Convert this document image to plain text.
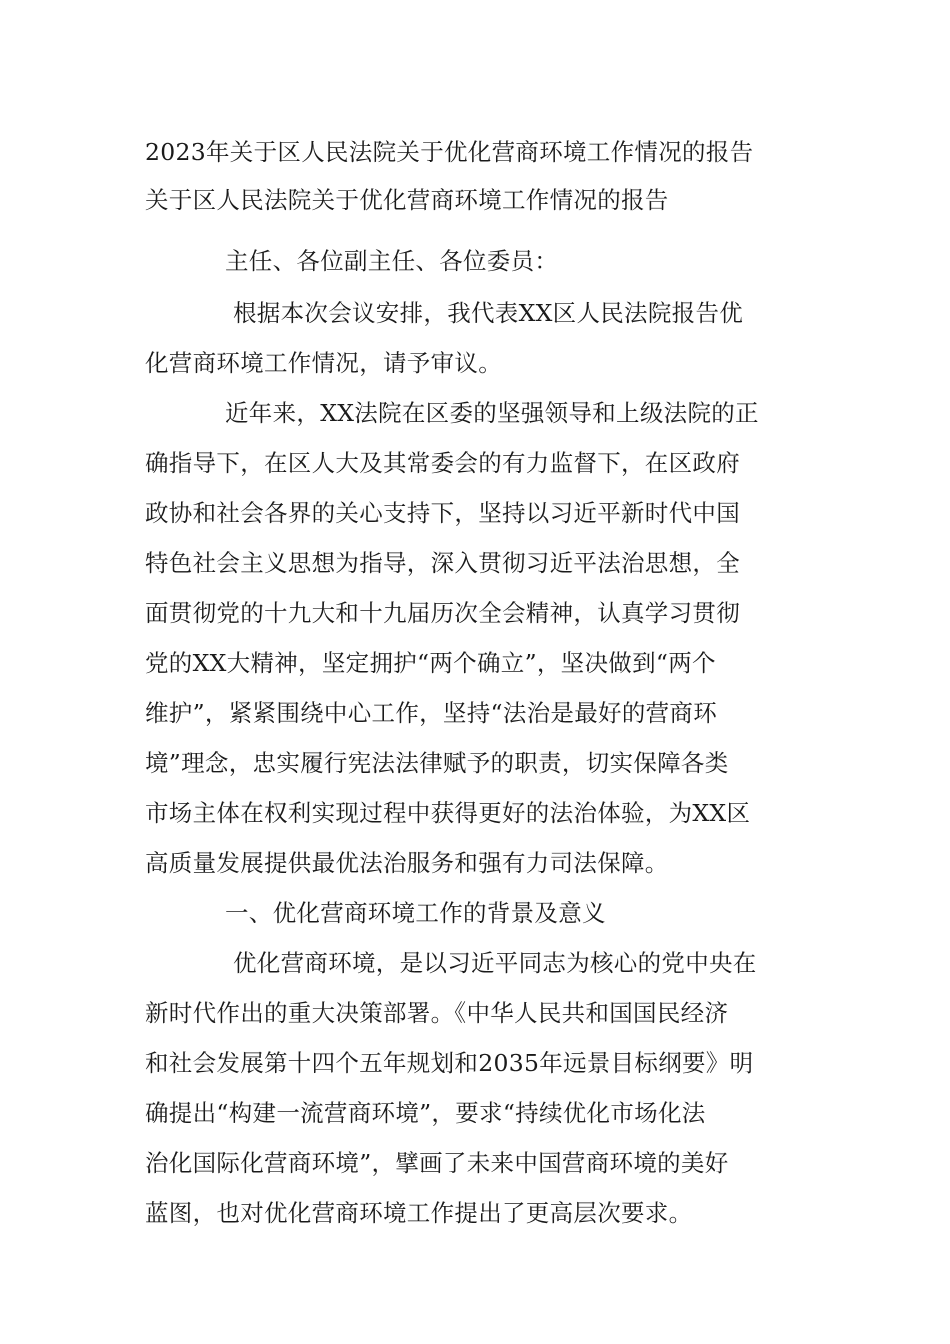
2023年关于区人民法院关于优化营商环境工作情况的报告
关于区人民法院关于优化营商环境工作情况的报告
主任、各位副主任、各位委员：
根据本次会议安排，我代表XX区人民法院报告优
化营商环境工作情况，请予审议。
近年来，XX法院在区委的坚强领导和上级法院的正
确指导下，在区人大及其常委会的有力监督下，在区政府
政协和社会各界的关心支持下，坚持以习近平新时代中国
特色社会主义思想为指导，深入贯彻习近平法治思想，全
面贯彻党的十九大和十九届历次全会精神，认真学习贯彻
党的XX大精神，坚定拥护“两个确立”，坚决做到“两个
维护”，紧紧围绕中心工作，坚持“法治是最好的营商环
境”理念，忠实履行宪法法律赋予的职责，切实保障各类
市场主体在权利实现过程中获得更好的法治体验，为XX区
高质量发展提供最优法治服务和强有力司法保障。
一、优化营商环境工作的背景及意义
优化营商环境，是以习近平同志为核心的党中央在
新时代作出的重大决策部署。《中华人民共和国国民经济
和社会发展第十四个五年规划和2035年远景目标纲要》明
确提出“构建一流营商环境”，要求“持续优化市场化法
治化国际化营商环境”，擘画了未来中国营商环境的美好
蓝图，也对优化营商环境工作提出了更高层次要求。
